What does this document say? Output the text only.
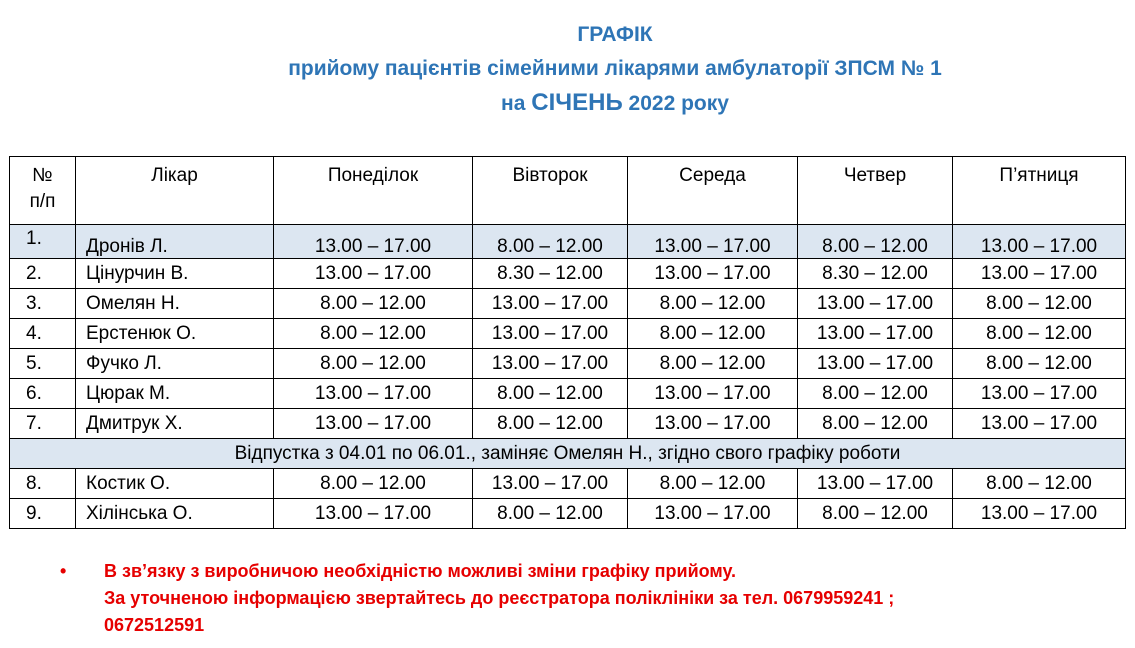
ГРАФІК
прийому пацієнтів сімейними лікарями амбулаторії ЗПСМ № 1
на СІЧЕНЬ 2022 року
№ п/п	Лікар	Понеділок	Вівторок	Середа	Четвер	П’ятниця
1.	Дронів Л.	13.00 – 17.00	8.00 – 12.00	13.00 – 17.00	8.00 – 12.00	13.00 – 17.00
2.	Цінурчин В.	13.00 – 17.00	8.30 – 12.00	13.00 – 17.00	8.30 – 12.00	13.00 – 17.00
3.	Омелян Н.	8.00 – 12.00	13.00 – 17.00	8.00 – 12.00	13.00 – 17.00	8.00 – 12.00
4.	Ерстенюк О.	8.00 – 12.00	13.00 – 17.00	8.00 – 12.00	13.00 – 17.00	8.00 – 12.00
5.	Фучко Л.	8.00 – 12.00	13.00 – 17.00	8.00 – 12.00	13.00 – 17.00	8.00 – 12.00
6.	Цюрак М.	13.00 – 17.00	8.00 – 12.00	13.00 – 17.00	8.00 – 12.00	13.00 – 17.00
7.	Дмитрук Х.	13.00 – 17.00	8.00 – 12.00	13.00 – 17.00	8.00 – 12.00	13.00 – 17.00
Відпустка з 04.01 по 06.01., заміняє Омелян Н., згідно свого графіку роботи						
8.	Костик О.	8.00 – 12.00	13.00 – 17.00	8.00 – 12.00	13.00 – 17.00	8.00 – 12.00
9.	Хілінська О.	13.00 – 17.00	8.00 – 12.00	13.00 – 17.00	8.00 – 12.00	13.00 – 17.00
• В зв’язку з виробничою необхідністю можливі зміни графіку прийому.
За уточненою інформацією звертайтесь до реєстратора поліклініки за тел. 0679959241 ;
0672512591
